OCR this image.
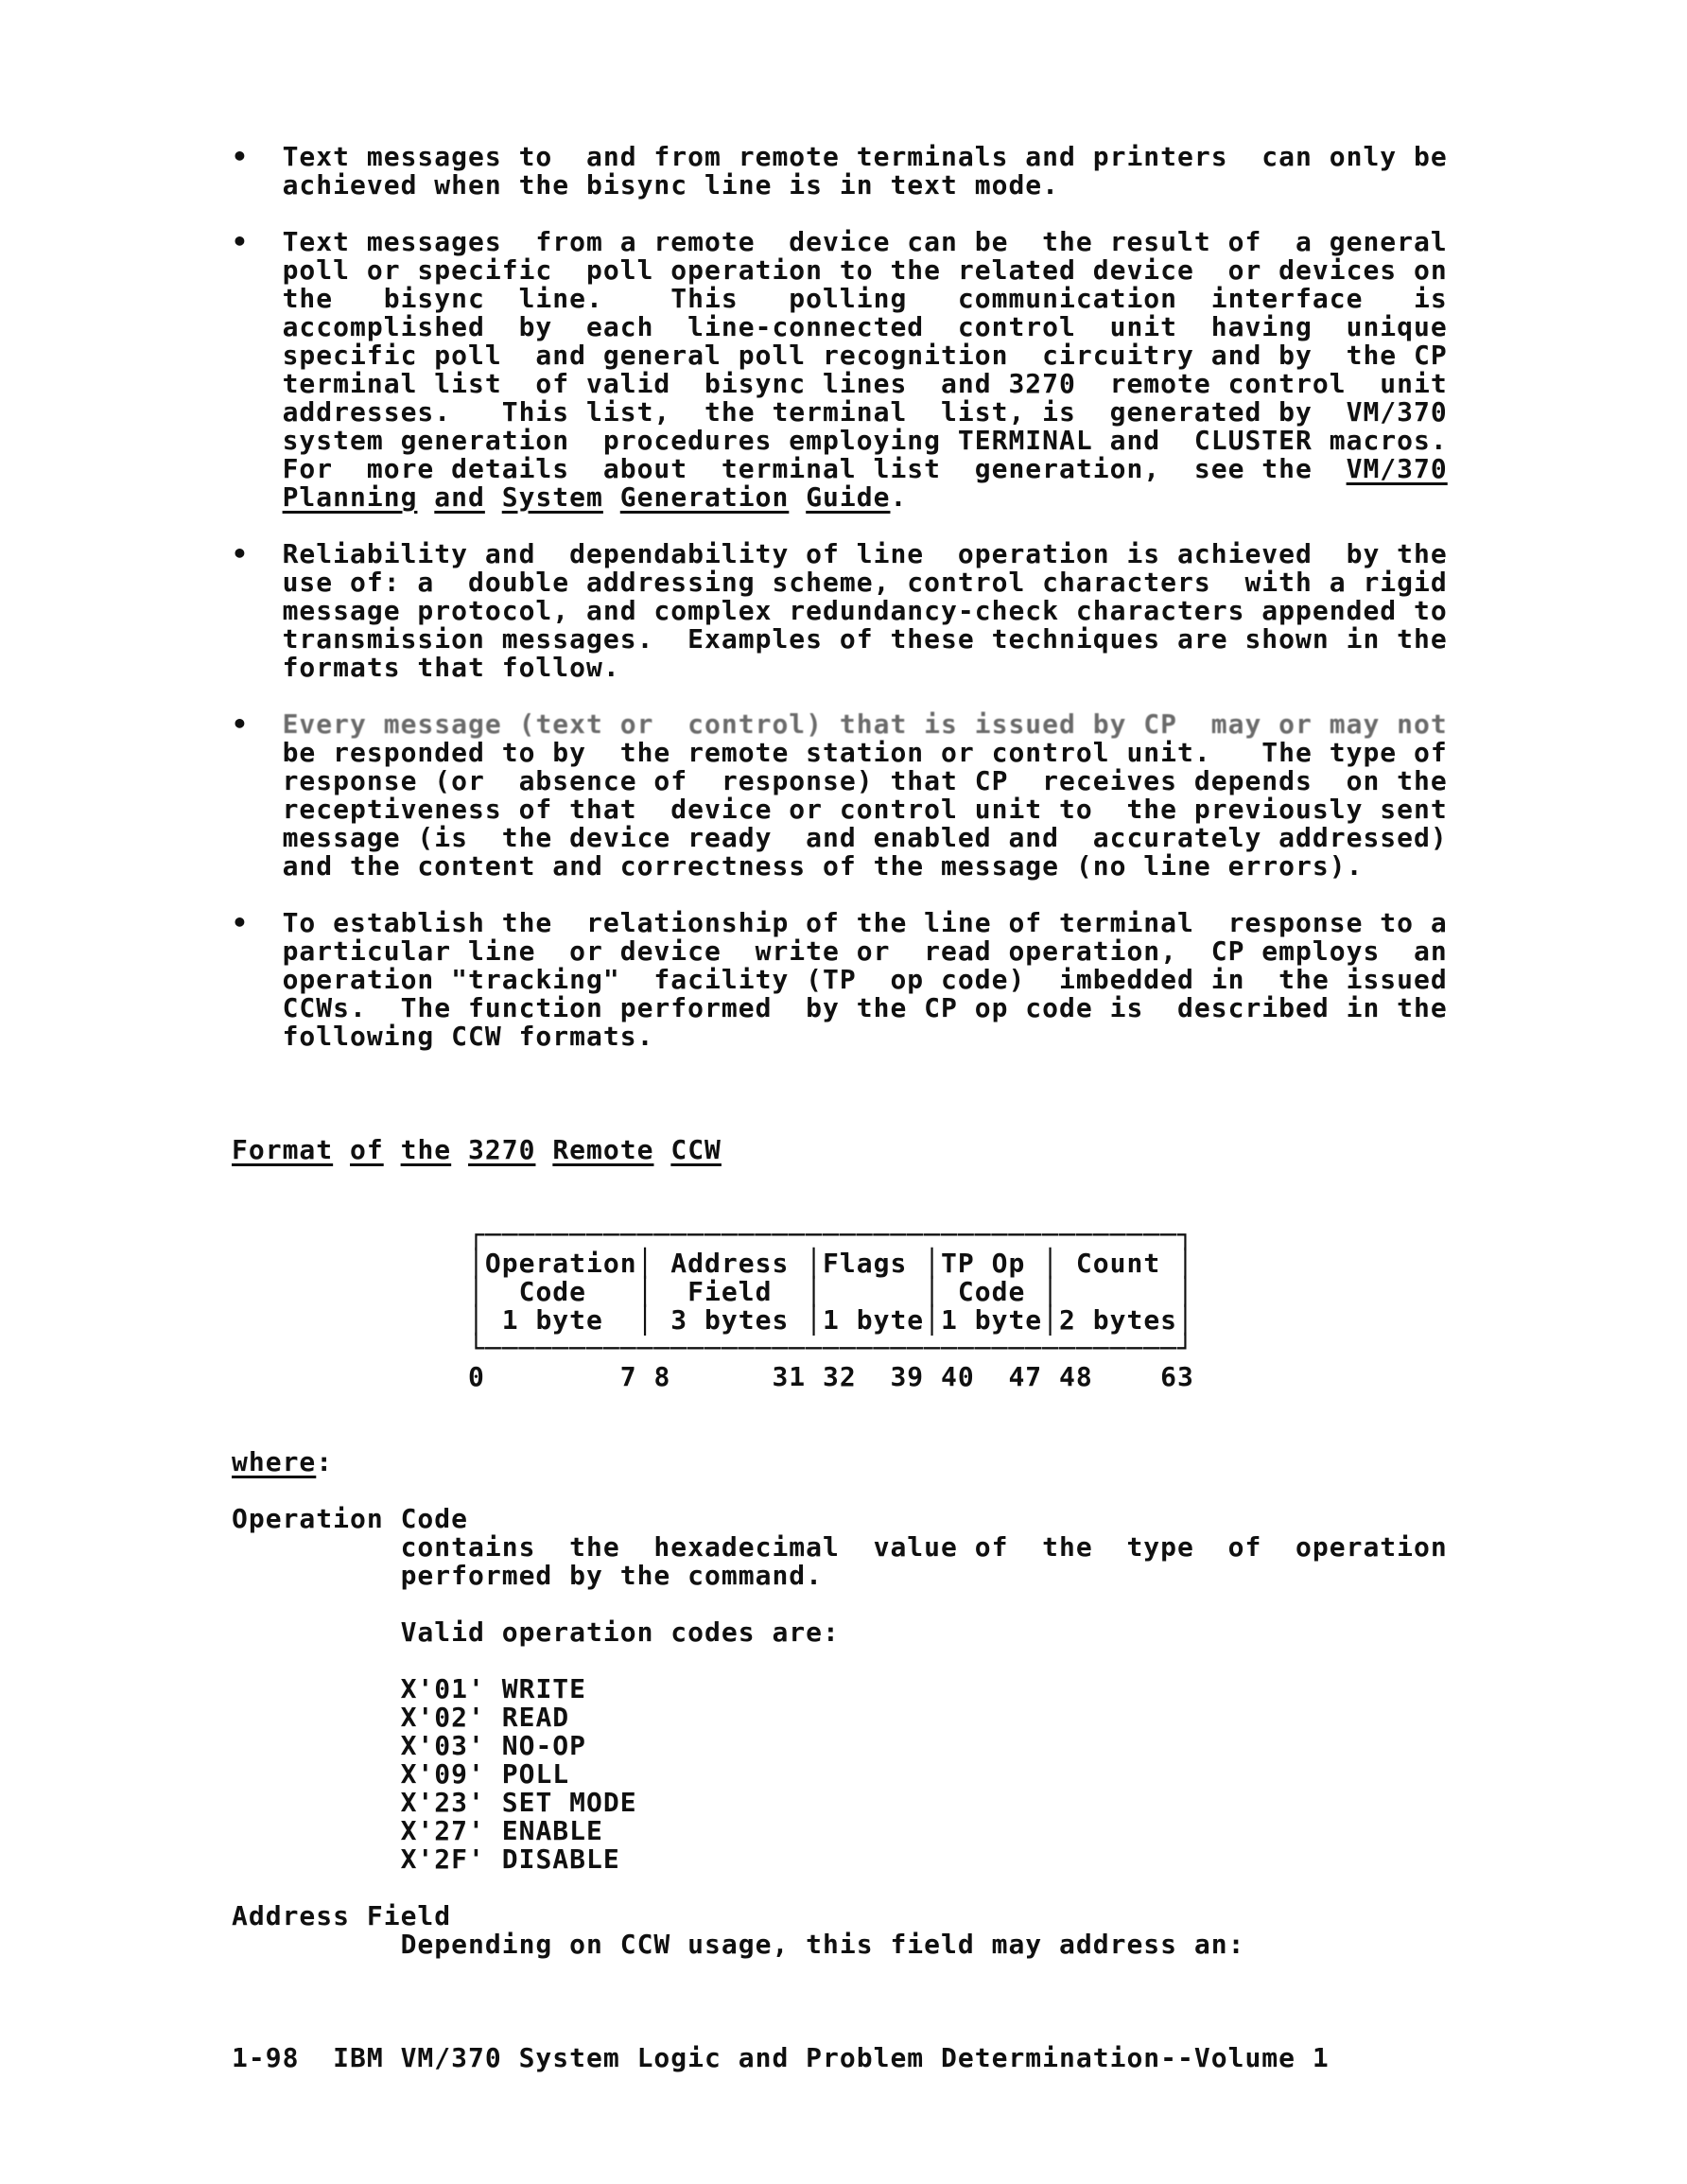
•  Text messages to  and from remote terminals and printers  can only be
achieved when the bisync line is in text mode.
•  Text messages  from a remote  device can be  the result of  a general
poll or specific  poll operation to the related device  or devices on
the   bisync  line.    This   polling   communication  interface   is
accomplished  by  each  line-connected  control  unit  having  unique
specific poll  and general poll recognition  circuitry and by  the CP
terminal list  of valid  bisync lines  and 3270  remote control  unit
addresses.   This list,  the terminal  list, is  generated by  VM/370
system generation  procedures employing TERMINAL and  CLUSTER macros.
For  more details  about  terminal list  generation,  see the  VM/370
Planning and System Generation Guide.
•  Reliability and  dependability of line  operation is achieved  by the
use of: a  double addressing scheme, control characters  with a rigid
message protocol, and complex redundancy-check characters appended to
transmission messages.  Examples of these techniques are shown in the
formats that follow.
•  Every message (text or  control) that is issued by CP  may or may not
be responded to by  the remote station or control unit.   The type of
response (or  absence of  response) that CP  receives depends  on the
receptiveness of that  device or control unit to  the previously sent
message (is  the device ready  and enabled and  accurately addressed)
and the content and correctness of the message (no line errors).
•  To establish the  relationship of the line of terminal  response to a
particular line  or device  write or  read operation,  CP employs  an
operation "tracking"  facility (TP  op code)  imbedded in  the issued
CCWs.  The function performed  by the CP op code is  described in the
following CCW formats.
Format of the 3270 Remote CCW
┌─────────────────────────────────────────┐
│Operation│ Address │Flags │TP Op │ Count │
│  Code   │  Field  │      │ Code │       │
│ 1 byte  │ 3 bytes │1 byte│1 byte│2 bytes│
└─────────────────────────────────────────┘
0        7 8      31 32  39 40  47 48    63
where:
Operation Code
contains  the  hexadecimal  value of  the  type  of  operation
performed by the command.
Valid operation codes are:
X'01' WRITE
X'02' READ
X'03' NO-OP
X'09' POLL
X'23' SET MODE
X'27' ENABLE
X'2F' DISABLE
Address Field
Depending on CCW usage, this field may address an:
1-98  IBM VM/370 System Logic and Problem Determination--Volume 1
